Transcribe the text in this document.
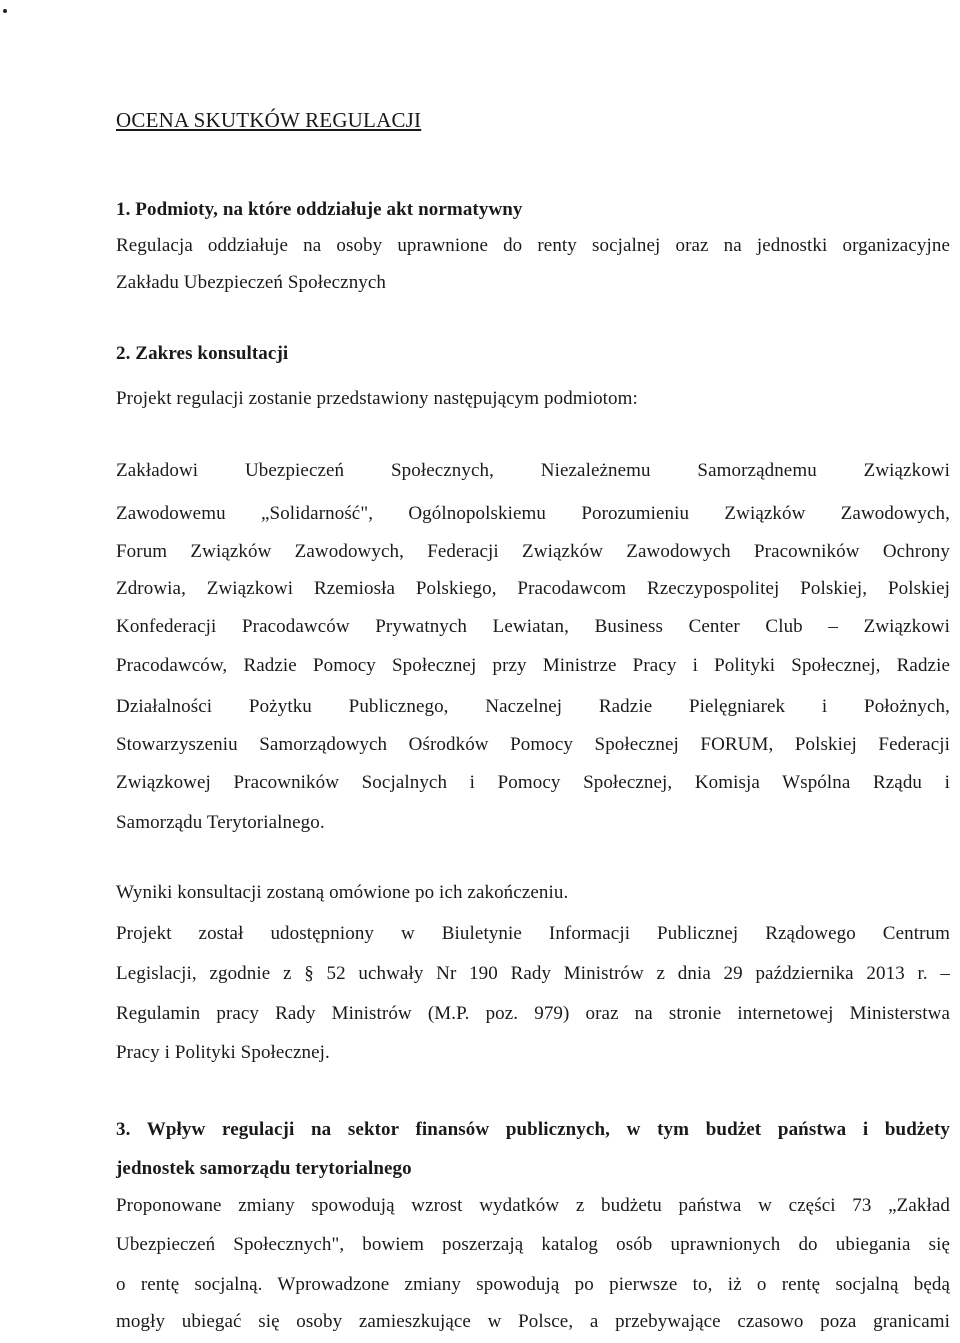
OCENA SKUTKÓW REGULACJI
1. Podmioty, na które oddziałuje akt normatywny
Regulacja oddziałuje na osoby uprawnione do renty socjalnej oraz na jednostki organizacyjne
Zakładu Ubezpieczeń Społecznych
2. Zakres konsultacji
Projekt regulacji zostanie przedstawiony następującym podmiotom:
Zakładowi Ubezpieczeń Społecznych, Niezależnemu Samorządnemu Związkowi
Zawodowemu „Solidarność", Ogólnopolskiemu Porozumieniu Związków Zawodowych,
Forum Związków Zawodowych, Federacji Związków Zawodowych Pracowników Ochrony
Zdrowia, Związkowi Rzemiosła Polskiego, Pracodawcom Rzeczypospolitej Polskiej, Polskiej
Konfederacji Pracodawców Prywatnych Lewiatan, Business Center Club – Związkowi
Pracodawców, Radzie Pomocy Społecznej przy Ministrze Pracy i Polityki Społecznej, Radzie
Działalności Pożytku Publicznego, Naczelnej Radzie Pielęgniarek i Położnych,
Stowarzyszeniu Samorządowych Ośrodków Pomocy Społecznej FORUM, Polskiej Federacji
Związkowej Pracowników Socjalnych i Pomocy Społecznej, Komisja Wspólna Rządu i
Samorządu Terytorialnego.
Wyniki konsultacji zostaną omówione po ich zakończeniu.
Projekt został udostępniony w Biuletynie Informacji Publicznej Rządowego Centrum
Legislacji, zgodnie z § 52 uchwały Nr 190 Rady Ministrów z dnia 29 października 2013 r. –
Regulamin pracy Rady Ministrów (M.P. poz. 979) oraz na stronie internetowej Ministerstwa
Pracy i Polityki Społecznej.
3. Wpływ regulacji na sektor finansów publicznych, w tym budżet państwa i budżety
jednostek samorządu terytorialnego
Proponowane zmiany spowodują wzrost wydatków z budżetu państwa w części 73 „Zakład
Ubezpieczeń Społecznych", bowiem poszerzają katalog osób uprawnionych do ubiegania się
o rentę socjalną. Wprowadzone zmiany spowodują po pierwsze to, iż o rentę socjalną będą
mogły ubiegać się osoby zamieszkujące w Polsce, a przebywające czasowo poza granicami
